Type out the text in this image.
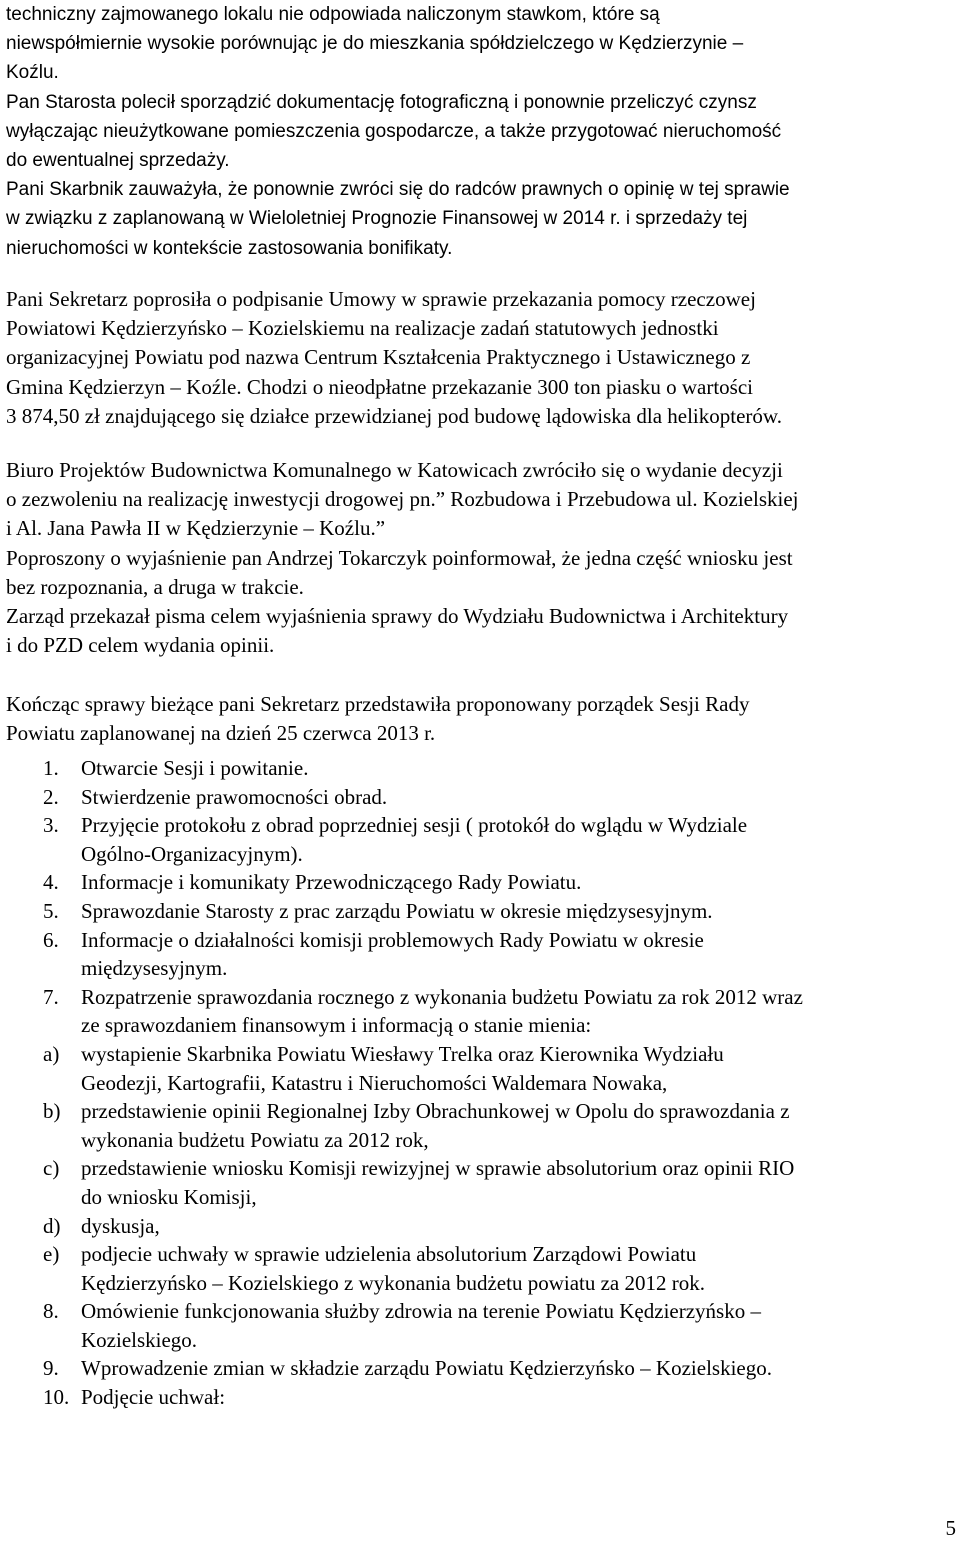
techniczny zajmowanego lokalu nie odpowiada naliczonym stawkom, które są

niewspółmiernie wysokie porównując je do mieszkania spółdzielczego w Kędzierzynie –

Koźlu.

Pan Starosta polecił sporządzić dokumentację fotograficzną i ponownie przeliczyć czynsz

wyłączając nieużytkowane pomieszczenia gospodarcze, a także przygotować nieruchomość

do ewentualnej sprzedaży.

Pani Skarbnik zauważyła, że ponownie zwróci się do radców prawnych o opinię w tej sprawie

w związku z zaplanowaną w Wieloletniej Prognozie Finansowej w 2014 r. i sprzedaży tej

nieruchomości w kontekście zastosowania bonifikaty.

Pani Sekretarz poprosiła o podpisanie Umowy w sprawie przekazania pomocy rzeczowej

Powiatowi Kędzierzyńsko – Kozielskiemu na realizacje zadań statutowych jednostki

organizacyjnej Powiatu pod nazwa Centrum Kształcenia Praktycznego i Ustawicznego z

Gmina Kędzierzyn – Koźle. Chodzi o nieodpłatne przekazanie 300 ton piasku o wartości

3 874,50 zł znajdującego się działce przewidzianej pod budowę lądowiska dla helikopterów.

Biuro Projektów Budownictwa Komunalnego w Katowicach zwróciło się o wydanie decyzji

o zezwoleniu na realizację inwestycji drogowej pn.” Rozbudowa i Przebudowa ul. Kozielskiej

i Al. Jana Pawła II w Kędzierzynie – Koźlu.”

Poproszony o wyjaśnienie pan Andrzej Tokarczyk poinformował, że jedna część wniosku jest

bez rozpoznania, a druga w trakcie.

Zarząd przekazał pisma celem wyjaśnienia sprawy do Wydziału Budownictwa i Architektury

i do PZD celem wydania opinii.

Kończąc sprawy bieżące pani Sekretarz przedstawiła proponowany porządek Sesji Rady

Powiatu zaplanowanej na dzień 25 czerwca 2013 r.

1.	Otwarcie Sesji i powitanie.
2.	Stwierdzenie prawomocności obrad.
3.	Przyjęcie protokołu z obrad poprzedniej sesji ( protokół do wglądu w Wydziale
Ogólno-Organizacyjnym).
4.	Informacje i komunikaty Przewodniczącego Rady Powiatu.
5.	Sprawozdanie Starosty z prac zarządu Powiatu w okresie międzysesyjnym.
6.	Informacje o działalności komisji problemowych Rady Powiatu w okresie
międzysesyjnym.
7.	Rozpatrzenie sprawozdania rocznego z wykonania budżetu Powiatu za rok 2012 wraz
ze sprawozdaniem finansowym i informacją o stanie mienia:
a)	wystapienie Skarbnika Powiatu Wiesławy Trelka oraz Kierownika Wydziału
Geodezji, Kartografii, Katastru i Nieruchomości Waldemara Nowaka,
b) przedstawienie opinii Regionalnej Izby Obrachunkowej w Opolu do sprawozdania z
wykonania budżetu Powiatu za 2012 rok,
c)	przedstawienie wniosku Komisji rewizyjnej w sprawie absolutorium oraz opinii RIO
do wniosku Komisji,
d) dyskusja,
e)	podjecie uchwały w sprawie udzielenia absolutorium Zarządowi Powiatu
Kędzierzyńsko – Kozielskiego z wykonania budżetu powiatu za 2012 rok.
8.	Omówienie funkcjonowania służby zdrowia na terenie Powiatu Kędzierzyńsko –
Kozielskiego.
9.	Wprowadzenie zmian w składzie zarządu Powiatu Kędzierzyńsko – Kozielskiego.
10. Podjęcie uchwał:
5
